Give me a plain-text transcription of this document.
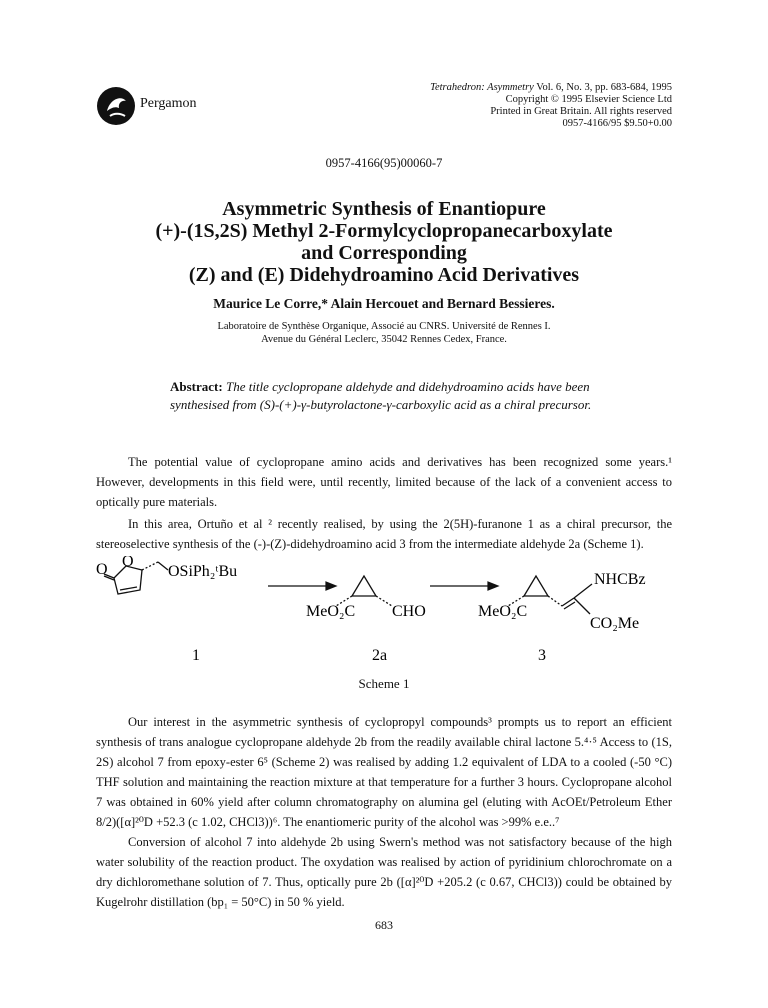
Pergamon
Tetrahedron: Asymmetry Vol. 6, No. 3, pp. 683-684, 1995
Copyright © 1995 Elsevier Science Ltd
Printed in Great Britain. All rights reserved
0957-4166/95 $9.50+0.00
0957-4166(95)00060-7
Asymmetric Synthesis of Enantiopure
(+)-(1S,2S) Methyl 2-Formylcyclopropanecarboxylate
and Corresponding
(Z) and (E) Didehydroamino Acid Derivatives
Maurice Le Corre,* Alain Hercouet and Bernard Bessieres.
Laboratoire de Synthèse Organique, Associé au CNRS. Université de Rennes I.
Avenue du Général Leclerc, 35042 Rennes Cedex, France.
Abstract: The title cyclopropane aldehyde and didehydroamino acids have been synthesised from (S)-(+)-γ-butyrolactone-γ-carboxylic acid as a chiral precursor.
The potential value of cyclopropane amino acids and derivatives has been recognized some years.¹ However, developments in this field were, until recently, limited because of the lack of a convenient access to optically pure materials.
In this area, Ortuño et al ² recently realised, by using the 2(5H)-furanone 1 as a chiral precursor, the stereoselective synthesis of the (-)-(Z)-didehydroamino acid 3 from the intermediate aldehyde 2a (Scheme 1).
O O
OSiPh₂ᵗBu
1
MeO₂C CHO
2a
MeO₂C
NHCBz
CO₂Me
3
Scheme 1
Our interest in the asymmetric synthesis of cyclopropyl compounds³ prompts us to report an efficient synthesis of trans analogue cyclopropane aldehyde 2b from the readily available chiral lactone 5.⁴·⁵ Access to (1S, 2S) alcohol 7 from epoxy-ester 6⁵ (Scheme 2) was realised by adding 1.2 equivalent of LDA to a cooled (-50 °C) THF solution and maintaining the reaction mixture at that temperature for a further 3 hours. Cyclopropane alcohol 7 was obtained in 60% yield after column chromatography on alumina gel (eluting with AcOEt/Petroleum Ether 8/2)([α]²⁰D +52.3 (c 1.02, CHCl3))⁶. The enantiomeric purity of the alcohol was >99% e.e..⁷
Conversion of alcohol 7 into aldehyde 2b using Swern's method was not satisfactory because of the high water solubility of the reaction product. The oxydation was realised by action of pyridinium chlorochromate on a dry dichloromethane solution of 7. Thus, optically pure 2b ([α]²⁰D +205.2 (c 0.67, CHCl3)) could be obtained by Kugelrohr distillation (bp₁ = 50°C) in 50 % yield.
683
